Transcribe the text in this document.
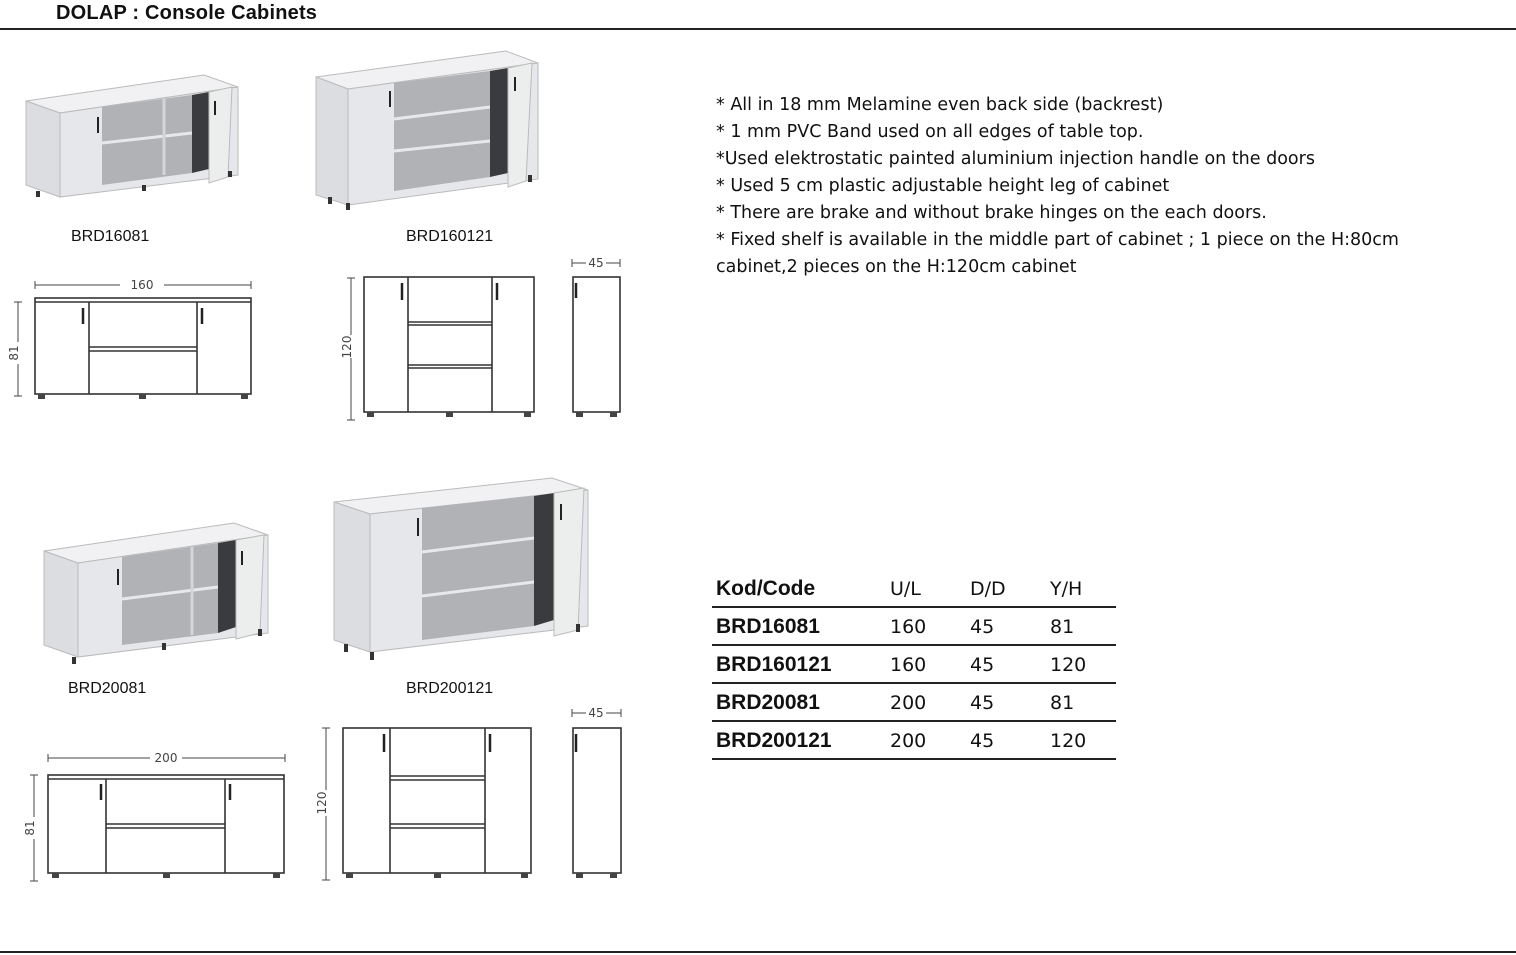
DOLAP : Console Cabinets
BRD16081	BRD160121
160
81	120
45
BRD20081	BRD200121
200
81
120
45
* All in 18 mm Melamine even back side (backrest)
* 1 mm PVC Band used on all edges of table top.
*Used elektrostatic painted aluminium injection handle on the doors
* Used 5 cm plastic adjustable height leg of cabinet
* There are brake and without brake hinges on the each doors.
* Fixed shelf is available in the middle part of cabinet ; 1 piece on the H:80cm cabinet,2 pieces on the H:120cm cabinet
Kod/Code	U/L	D/D	Y/H
BRD16081	160	45	81
BRD160121	160	45	120
BRD20081	200	45	81
BRD200121	200	45	120
